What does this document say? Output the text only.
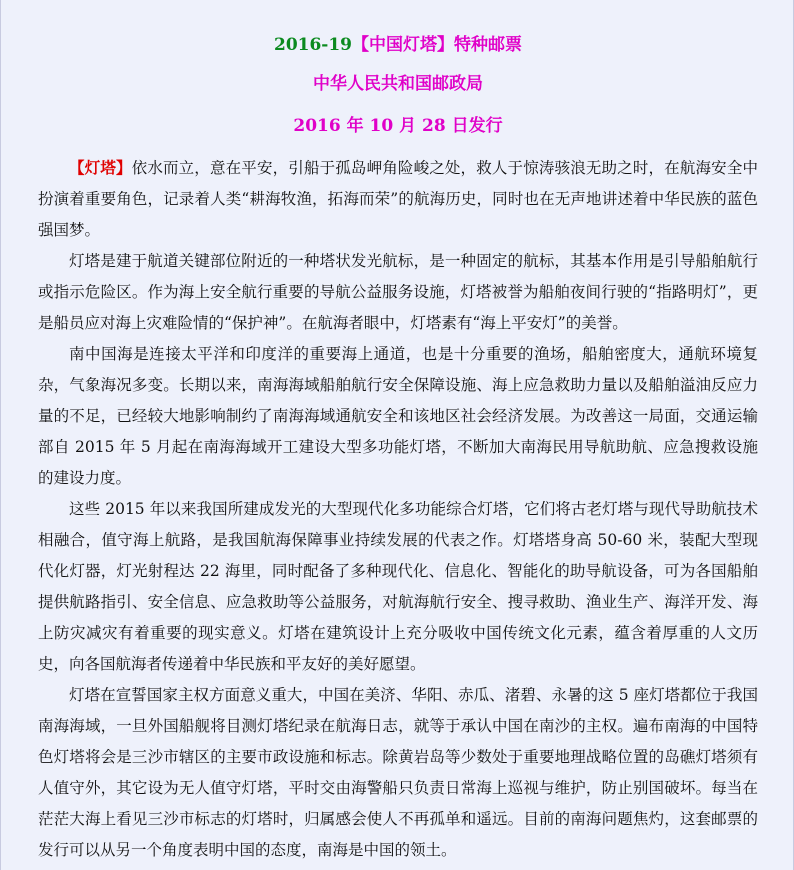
2016-19【中国灯塔】特种邮票
中华人民共和国邮政局
2016 年 10 月 28 日发行

【灯塔】依水而立，意在平安，引船于孤岛岬角险峻之处，救人于惊涛骇浪无助之时，在航海安全中扮演着重要角色，记录着人类“耕海牧渔，拓海而荣”的航海历史，同时也在无声地讲述着中华民族的蓝色强国梦。

灯塔是建于航道关键部位附近的一种塔状发光航标，是一种固定的航标，其基本作用是引导船舶航行或指示危险区。作为海上安全航行重要的导航公益服务设施，灯塔被誉为船舶夜间行驶的“指路明灯”，更是船员应对海上灾难险情的“保护神”。在航海者眼中，灯塔素有“海上平安灯”的美誉。

南中国海是连接太平洋和印度洋的重要海上通道，也是十分重要的渔场，船舶密度大，通航环境复杂，气象海况多变。长期以来，南海海域船舶航行安全保障设施、海上应急救助力量以及船舶溢油反应力量的不足，已经较大地影响制约了南海海域通航安全和该地区社会经济发展。为改善这一局面，交通运输部自 2015 年 5 月起在南海海域开工建设大型多功能灯塔，不断加大南海民用导航助航、应急搜救设施的建设力度。

这些 2015 年以来我国所建成发光的大型现代化多功能综合灯塔，它们将古老灯塔与现代导助航技术相融合，值守海上航路，是我国航海保障事业持续发展的代表之作。灯塔塔身高 50-60 米，装配大型现代化灯器，灯光射程达 22 海里，同时配备了多种现代化、信息化、智能化的助导航设备，可为各国船舶提供航路指引、安全信息、应急救助等公益服务，对航海航行安全、搜寻救助、渔业生产、海洋开发、海上防灾减灾有着重要的现实意义。灯塔在建筑设计上充分吸收中国传统文化元素，蕴含着厚重的人文历史，向各国航海者传递着中华民族和平友好的美好愿望。

灯塔在宣誓国家主权方面意义重大，中国在美济、华阳、赤瓜、渚碧、永暑的这 5 座灯塔都位于我国南海海域，一旦外国船舰将目测灯塔纪录在航海日志，就等于承认中国在南沙的主权。遍布南海的中国特色灯塔将会是三沙市辖区的主要市政设施和标志。除黄岩岛等少数处于重要地理战略位置的岛礁灯塔须有人值守外，其它设为无人值守灯塔，平时交由海警船只负责日常海上巡视与维护，防止别国破坏。每当在茫茫大海上看见三沙市标志的灯塔时，归属感会使人不再孤单和遥远。目前的南海问题焦灼，这套邮票的发行可以从另一个角度表明中国的态度，南海是中国的领土。
